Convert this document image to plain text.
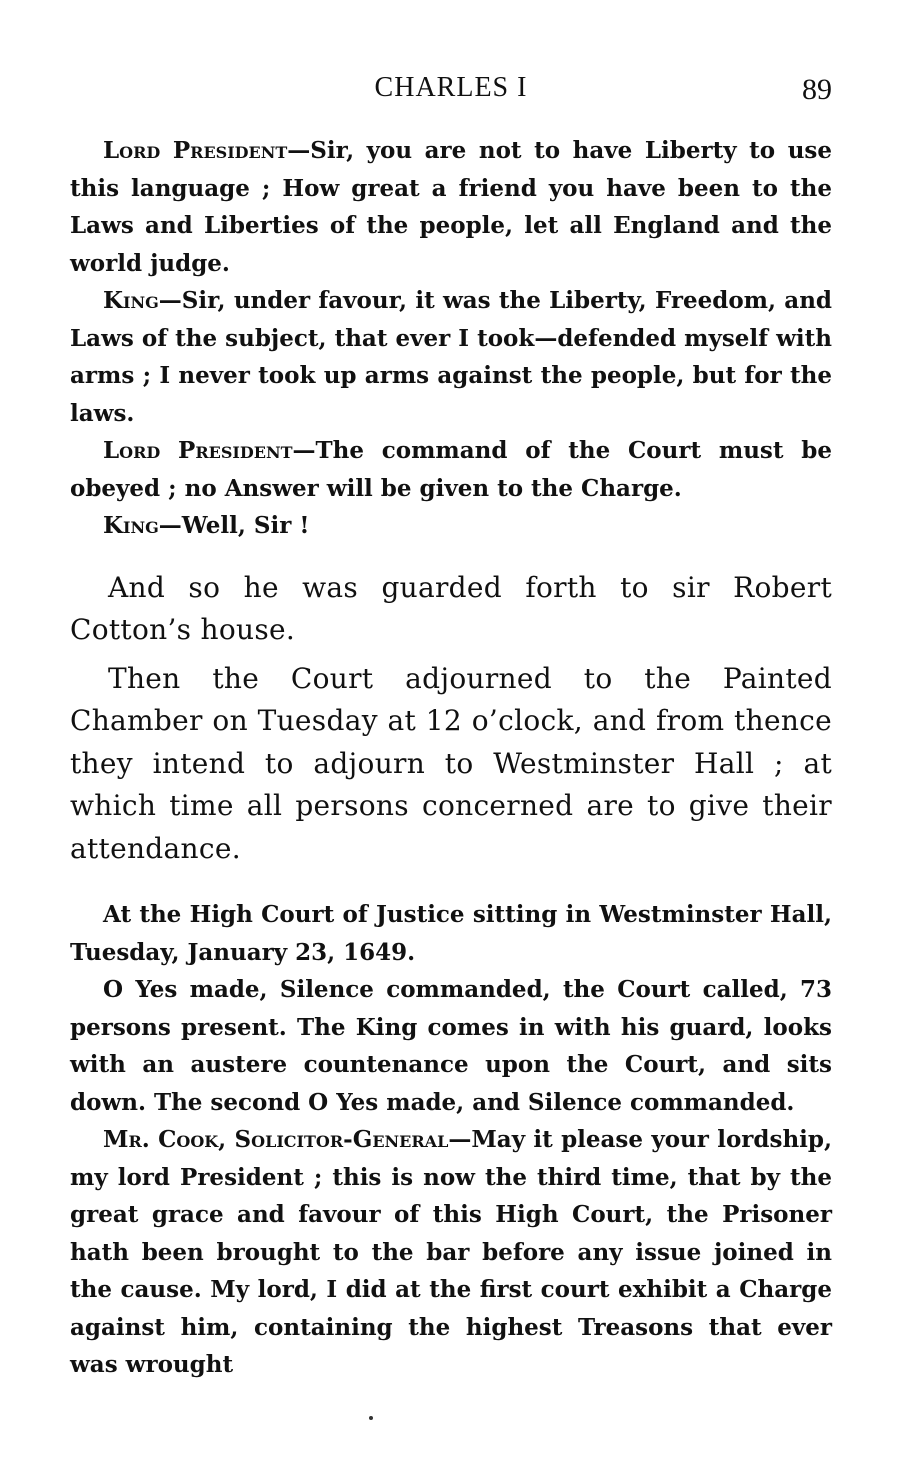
CHARLES I	89

Lord President—Sir, you are not to have Liberty to use this language ; How great a friend you have been to the Laws and Liberties of the people, let all England and the world judge.

King—Sir, under favour, it was the Liberty, Freedom, and Laws of the subject, that ever I took—defended myself with arms ; I never took up arms against the people, but for the laws.

Lord President—The command of the Court must be obeyed ; no Answer will be given to the Charge.

King—Well, Sir !

And so he was guarded forth to sir Robert Cotton’s house.

Then the Court adjourned to the Painted Chamber on Tuesday at 12 o’clock, and from thence they intend to adjourn to Westminster Hall ; at which time all persons concerned are to give their attendance.

At the High Court of Justice sitting in Westminster Hall, Tuesday, January 23, 1649.

O Yes made, Silence commanded, the Court called, 73 persons present. The King comes in with his guard, looks with an austere countenance upon the Court, and sits down. The second O Yes made, and Silence commanded.

Mr. Cook, Solicitor-General—May it please your lordship, my lord President ; this is now the third time, that by the great grace and favour of this High Court, the Prisoner hath been brought to the bar before any issue joined in the cause. My lord, I did at the first court exhibit a Charge against him, containing the highest Treasons that ever was wrought
